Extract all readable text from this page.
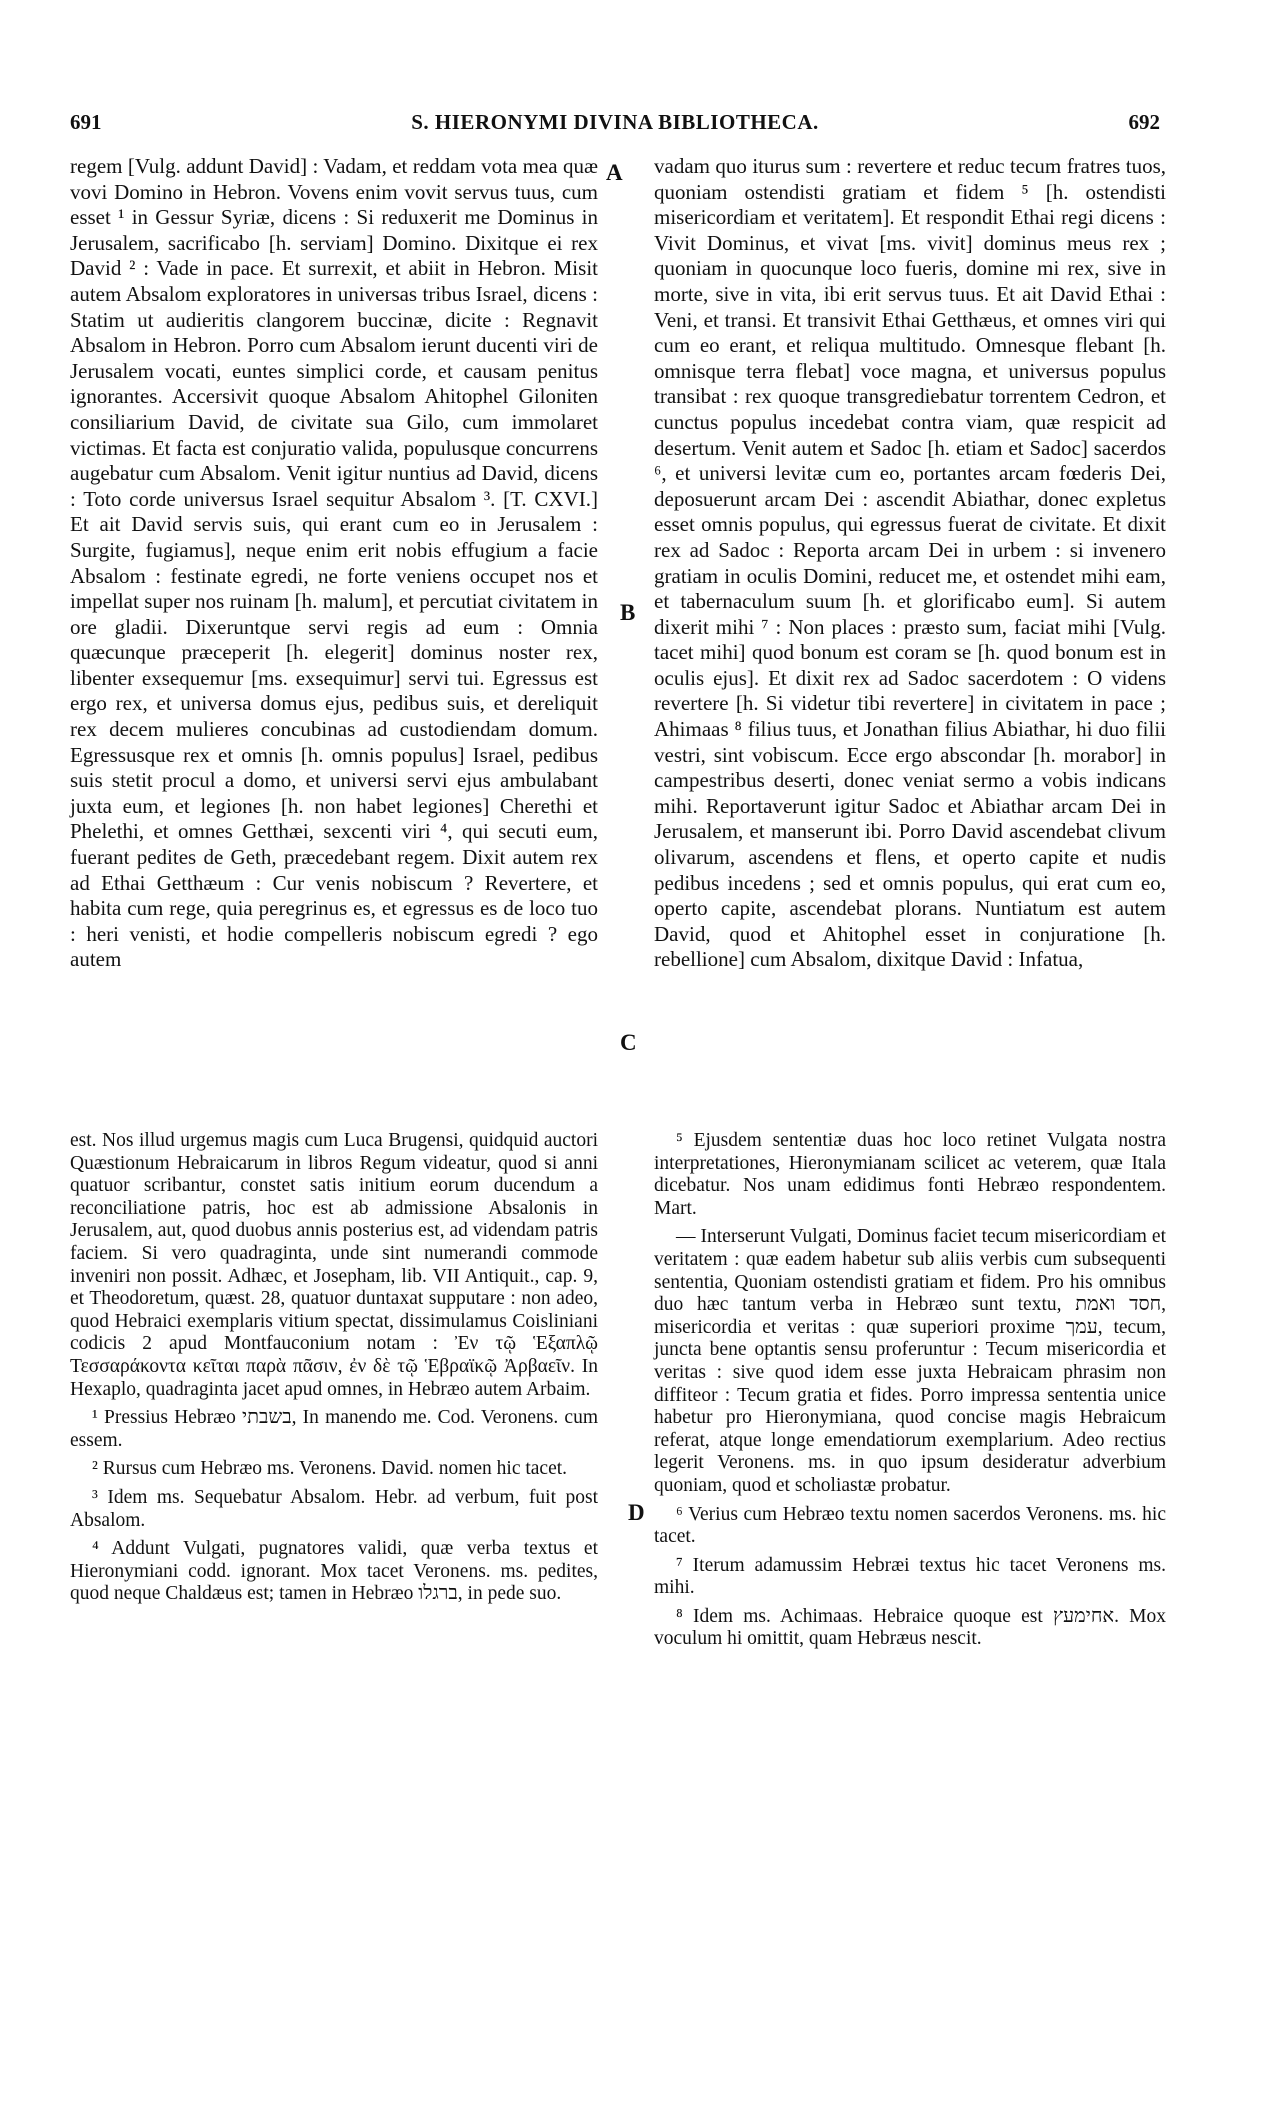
691	S. HIERONYMI DIVINA BIBLIOTHECA.	692

regem [Vulg. addunt David] : Vadam, et reddam vota mea quæ vovi Domino in Hebron. Vovens enim vovit servus tuus, cum esset ¹ in Gessur Syriæ, dicens : Si reduxerit me Dominus in Jerusalem, sacrificabo [h. serviam] Domino. Dixitque ei rex David ² : Vade in pace. Et surrexit, et abiit in Hebron. Misit autem Absalom exploratores in universas tribus Israel, dicens : Statim ut audieritis clangorem buccinæ, dicite : Regnavit Absalom in Hebron. Porro cum Absalom ierunt ducenti viri de Jerusalem vocati, euntes simplici corde, et causam penitus ignorantes. Accersivit quoque Absalom Ahitophel Giloniten consiliarium David, de civitate sua Gilo, cum immolaret victimas. Et facta est conjuratio valida, populusque concurrens augebatur cum Absalom. Venit igitur nuntius ad David, dicens : Toto corde universus Israel sequitur Absalom ³. [T. CXVI.] Et ait David servis suis, qui erant cum eo in Jerusalem : Surgite, fugiamus], neque enim erit nobis effugium a facie Absalom : festinate egredi, ne forte veniens occupet nos et impellat super nos ruinam [h. malum], et percutiat civitatem in ore gladii. Dixeruntque servi regis ad eum : Omnia quæcunque præceperit [h. elegerit] dominus noster rex, libenter exsequemur [ms. exsequimur] servi tui. Egressus est ergo rex, et universa domus ejus, pedibus suis, et dereliquit rex decem mulieres concubinas ad custodiendam domum. Egressusque rex et omnis [h. omnis populus] Israel, pedibus suis stetit procul a domo, et universi servi ejus ambulabant juxta eum, et legiones [h. non habet legiones] Cherethi et Phelethi, et omnes Getthæi, sexcenti viri ⁴, qui secuti eum, fuerant pedites de Geth, præcedebant regem. Dixit autem rex ad Ethai Getthæum : Cur venis nobiscum ? Revertere, et habita cum rege, quia peregrinus es, et egressus es de loco tuo : heri venisti, et hodie compelleris nobiscum egredi ? ego autem

vadam quo iturus sum : revertere et reduc tecum fratres tuos, quoniam ostendisti gratiam et fidem ⁵ [h. ostendisti misericordiam et veritatem]. Et respondit Ethai regi dicens : Vivit Dominus, et vivat [ms. vivit] dominus meus rex ; quoniam in quocunque loco fueris, domine mi rex, sive in morte, sive in vita, ibi erit servus tuus. Et ait David Ethai : Veni, et transi. Et transivit Ethai Getthæus, et omnes viri qui cum eo erant, et reliqua multitudo. Omnesque flebant [h. omnisque terra flebat] voce magna, et universus populus transibat : rex quoque transgrediebatur torrentem Cedron, et cunctus populus incedebat contra viam, quæ respicit ad desertum. Venit autem et Sadoc [h. etiam et Sadoc] sacerdos ⁶, et universi levitæ cum eo, portantes arcam fœderis Dei, deposuerunt arcam Dei : ascendit Abiathar, donec expletus esset omnis populus, qui egressus fuerat de civitate. Et dixit rex ad Sadoc : Reporta arcam Dei in urbem : si invenero gratiam in oculis Domini, reducet me, et ostendet mihi eam, et tabernaculum suum [h. et glorificabo eum]. Si autem dixerit mihi ⁷ : Non places : præsto sum, faciat mihi [Vulg. tacet mihi] quod bonum est coram se [h. quod bonum est in oculis ejus]. Et dixit rex ad Sadoc sacerdotem : O videns revertere [h. Si videtur tibi revertere] in civitatem in pace ; Ahimaas ⁸ filius tuus, et Jonathan filius Abiathar, hi duo filii vestri, sint vobiscum. Ecce ergo abscondar [h. morabor] in campestribus deserti, donec veniat sermo a vobis indicans mihi. Reportaverunt igitur Sadoc et Abiathar arcam Dei in Jerusalem, et manserunt ibi. Porro David ascendebat clivum olivarum, ascendens et flens, et operto capite et nudis pedibus incedens ; sed et omnis populus, qui erat cum eo, operto capite, ascendebat plorans. Nuntiatum est autem David, quod et Ahitophel esset in conjuratione [h. rebellione] cum Absalom, dixitque David : Infatua,

A
B
C
D

est. Nos illud urgemus magis cum Luca Brugensi, quidquid auctori Quæstionum Hebraicarum in libros Regum videatur, quod si anni quatuor scribantur, constet satis initium eorum ducendum a reconciliatione patris, hoc est ab admissione Absalonis in Jerusalem, aut, quod duobus annis posterius est, ad videndam patris faciem. Si vero quadraginta, unde sint numerandi commode inveniri non possit. Adhæc, et Josepham, lib. VII Antiquit., cap. 9, et Theodoretum, quæst. 28, quatuor duntaxat supputare : non adeo, quod Hebraici exemplaris vitium spectat, dissimulamus Coisliniani codicis 2 apud Montfauconium notam : Ἐν τῷ Ἑξαπλῷ Τεσσαράκοντα κεῖται παρὰ πᾶσιν, ἐν δὲ τῷ Ἑβραϊκῷ Ἀρβαεῖν. In Hexaplo, quadraginta jacet apud omnes, in Hebræo autem Arbaim.

¹ Pressius Hebræo בשבתי, In manendo me. Cod. Veronens. cum essem.

² Rursus cum Hebræo ms. Veronens. David. nomen hic tacet.

³ Idem ms. Sequebatur Absalom. Hebr. ad verbum, fuit post Absalom.

⁴ Addunt Vulgati, pugnatores validi, quæ verba textus et Hieronymiani codd. ignorant. Mox tacet Veronens. ms. pedites, quod neque Chaldæus est; tamen in Hebræo ברגלו, in pede suo.

⁵ Ejusdem sententiæ duas hoc loco retinet Vulgata nostra interpretationes, Hieronymianam scilicet ac veterem, quæ Itala dicebatur. Nos unam edidimus fonti Hebræo respondentem. Mart.

— Interserunt Vulgati, Dominus faciet tecum misericordiam et veritatem : quæ eadem habetur sub aliis verbis cum subsequenti sententia, Quoniam ostendisti gratiam et fidem. Pro his omnibus duo hæc tantum verba in Hebræo sunt textu, חסד ואמת, misericordia et veritas : quæ superiori proxime עמך, tecum, juncta bene optantis sensu proferuntur : Tecum misericordia et veritas : sive quod idem esse juxta Hebraicam phrasim non diffiteor : Tecum gratia et fides. Porro impressa sententia unice habetur pro Hieronymiana, quod concise magis Hebraicum referat, atque longe emendatiorum exemplarium. Adeo rectius legerit Veronens. ms. in quo ipsum desideratur adverbium quoniam, quod et scholiastæ probatur.

⁶ Verius cum Hebræo textu nomen sacerdos Veronens. ms. hic tacet.

⁷ Iterum adamussim Hebræi textus hic tacet Veronens ms. mihi.

⁸ Idem ms. Achimaas. Hebraice quoque est אחימעץ. Mox voculum hi omittit, quam Hebræus nescit.
